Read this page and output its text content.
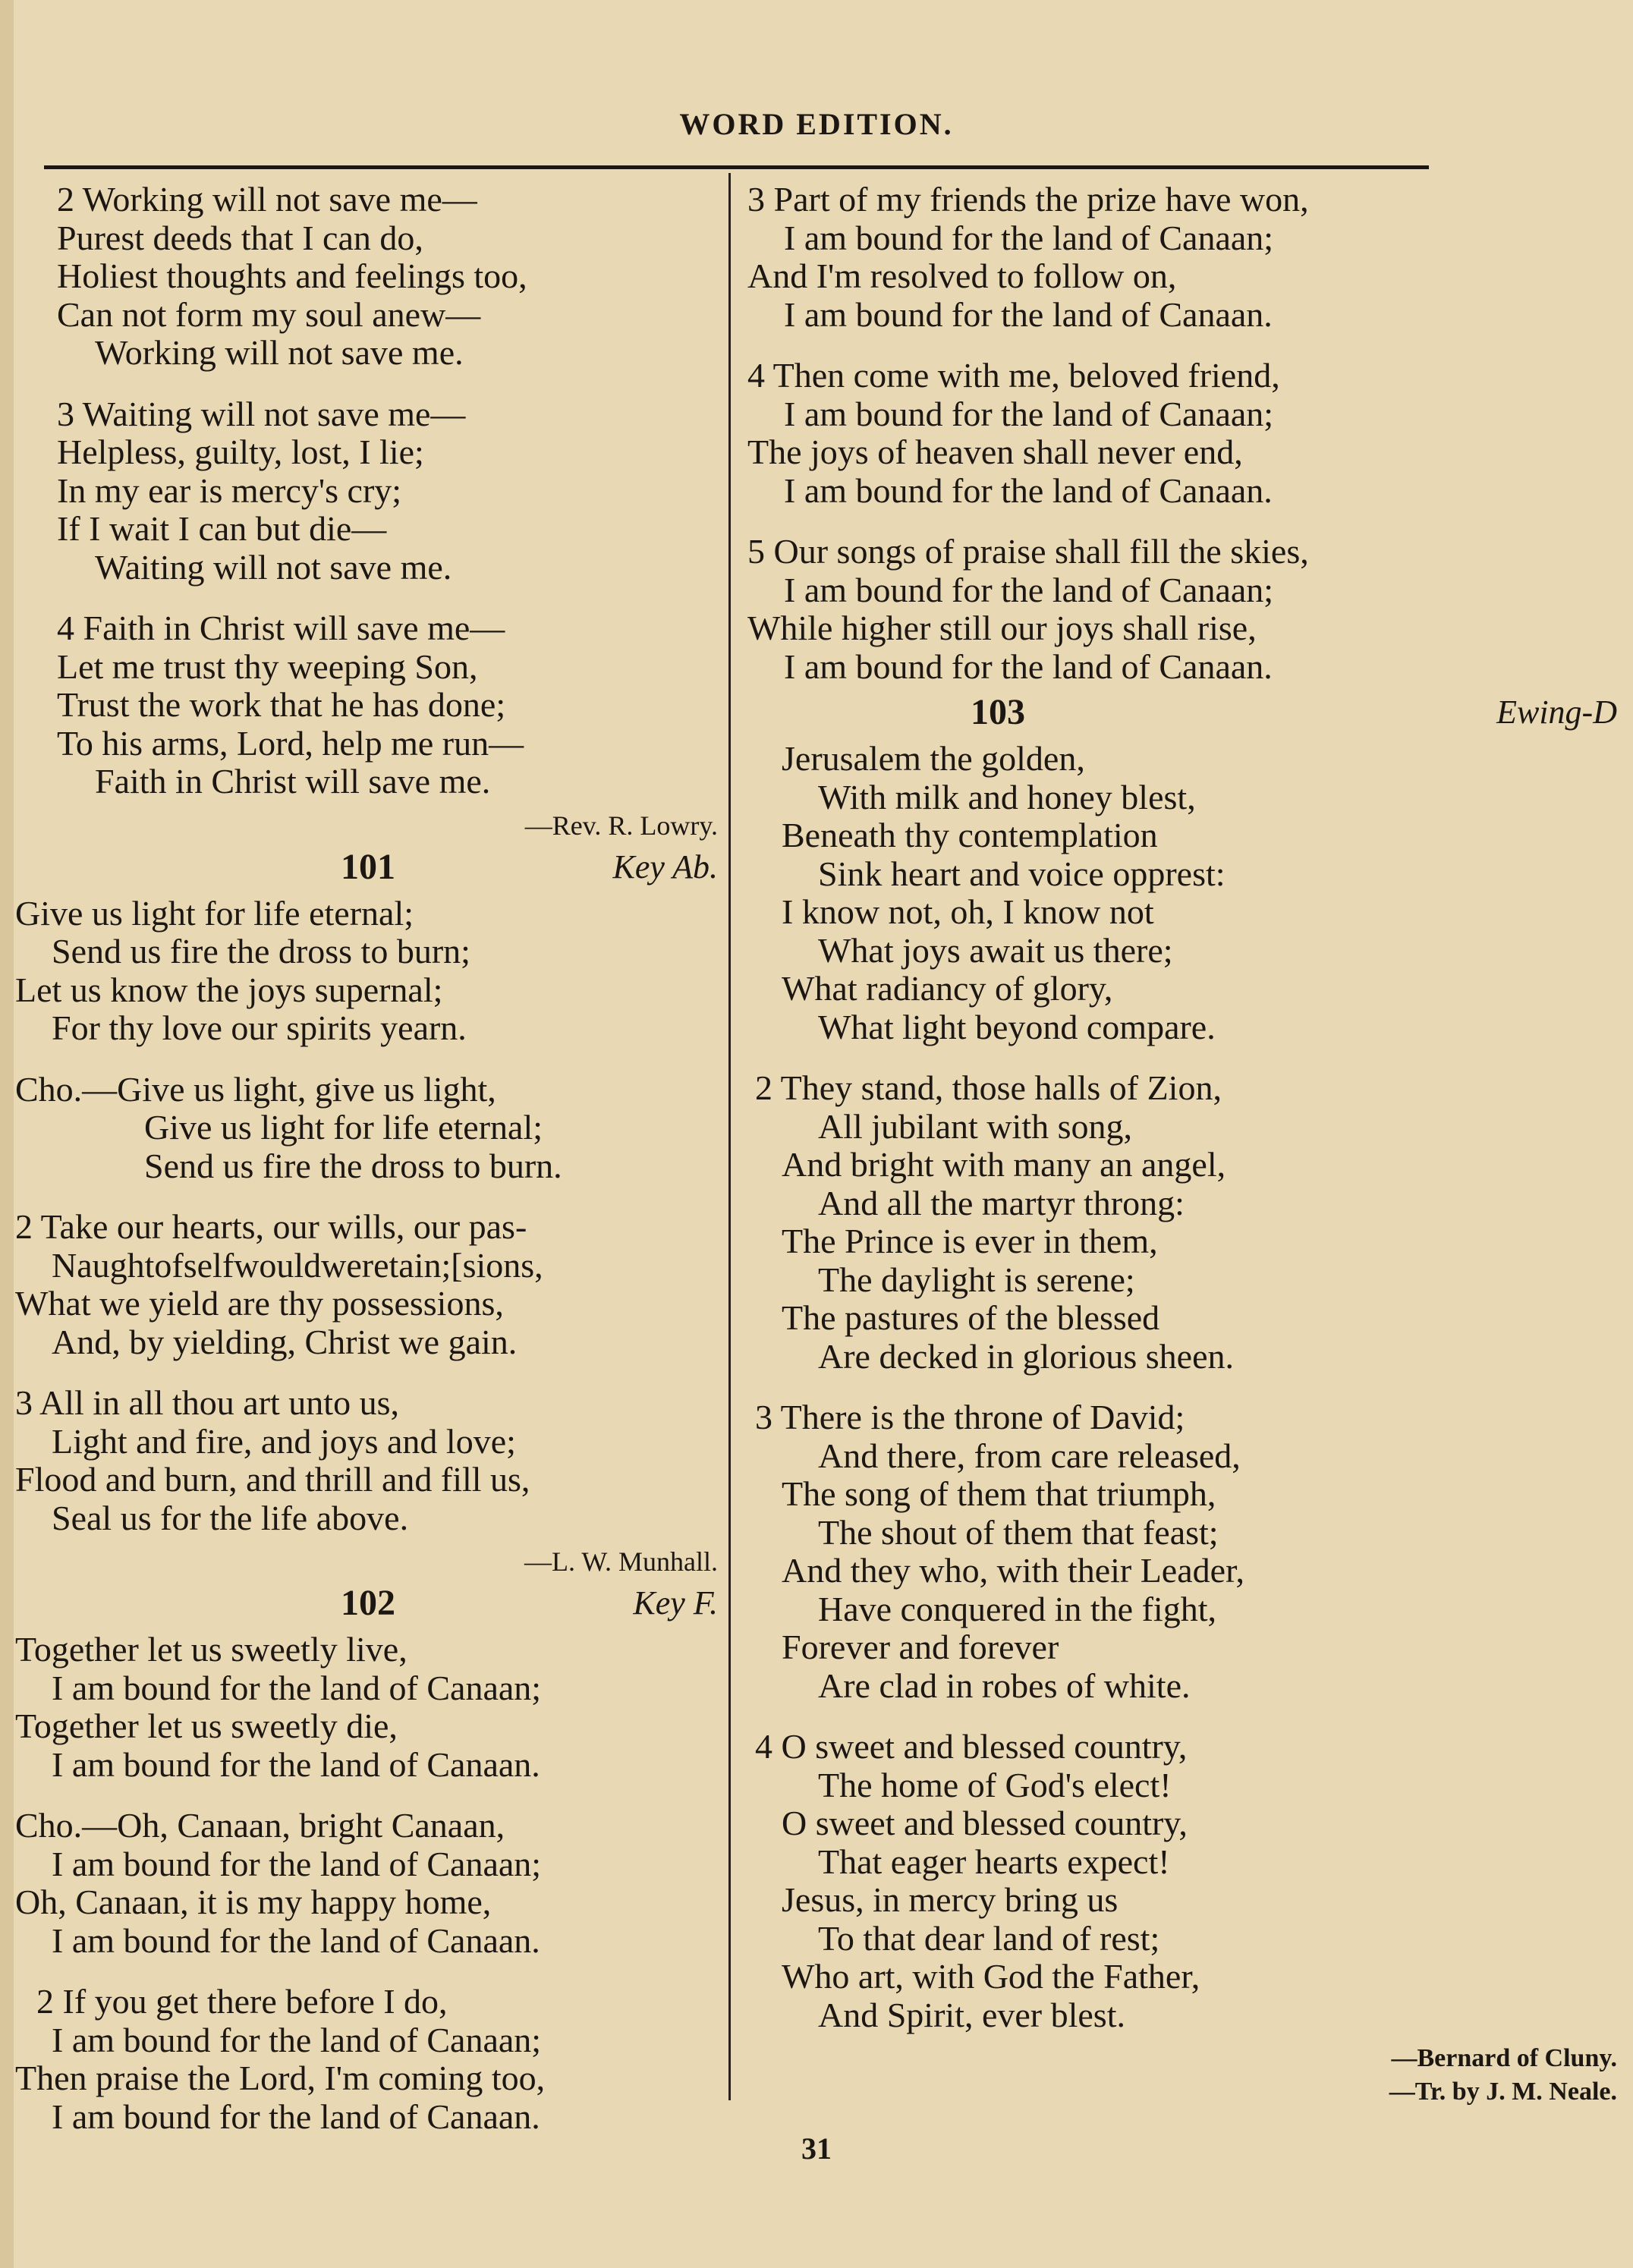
WORD EDITION.
2 Working will not save me—
Purest deeds that I can do,
Holiest thoughts and feelings too,
Can not form my soul anew—
Working will not save me.
3 Waiting will not save me—
Helpless, guilty, lost, I lie;
In my ear is mercy's cry;
If I wait I can but die—
Waiting will not save me.
4 Faith in Christ will save me—
Let me trust thy weeping Son,
Trust the work that he has done;
To his arms, Lord, help me run—
Faith in Christ will save me.
—Rev. R. Lowry.
101	Key Ab.
Give us light for life eternal;
Send us fire the dross to burn;
Let us know the joys supernal;
For thy love our spirits yearn.
Cho.—Give us light, give us light,
Give us light for life eternal;
Send us fire the dross to burn.
2 Take our hearts, our wills, our pas-
Naughtofselfwouldweretain;[sions,
What we yield are thy possessions,
And, by yielding, Christ we gain.
3 All in all thou art unto us,
Light and fire, and joys and love;
Flood and burn, and thrill and fill us,
Seal us for the life above.
—L. W. Munhall.
102	Key F.
Together let us sweetly live,
I am bound for the land of Canaan;
Together let us sweetly die,
I am bound for the land of Canaan.
Cho.—Oh, Canaan, bright Canaan,
I am bound for the land of Canaan;
Oh, Canaan, it is my happy home,
I am bound for the land of Canaan.
2 If you get there before I do,
I am bound for the land of Canaan;
Then praise the Lord, I'm coming too,
I am bound for the land of Canaan.
3 Part of my friends the prize have won,
I am bound for the land of Canaan;
And I'm resolved to follow on,
I am bound for the land of Canaan.
4 Then come with me, beloved friend,
I am bound for the land of Canaan;
The joys of heaven shall never end,
I am bound for the land of Canaan.
5 Our songs of praise shall fill the skies,
I am bound for the land of Canaan;
While higher still our joys shall rise,
I am bound for the land of Canaan.
103	Ewing-D
Jerusalem the golden,
With milk and honey blest,
Beneath thy contemplation
Sink heart and voice opprest:
I know not, oh, I know not
What joys await us there;
What radiancy of glory,
What light beyond compare.
2 They stand, those halls of Zion,
All jubilant with song,
And bright with many an angel,
And all the martyr throng:
The Prince is ever in them,
The daylight is serene;
The pastures of the blessed
Are decked in glorious sheen.
3 There is the throne of David;
And there, from care released,
The song of them that triumph,
The shout of them that feast;
And they who, with their Leader,
Have conquered in the fight,
Forever and forever
Are clad in robes of white.
4 O sweet and blessed country,
The home of God's elect!
O sweet and blessed country,
That eager hearts expect!
Jesus, in mercy bring us
To that dear land of rest;
Who art, with God the Father,
And Spirit, ever blest.
—Bernard of Cluny.
—Tr. by J. M. Neale.
31
